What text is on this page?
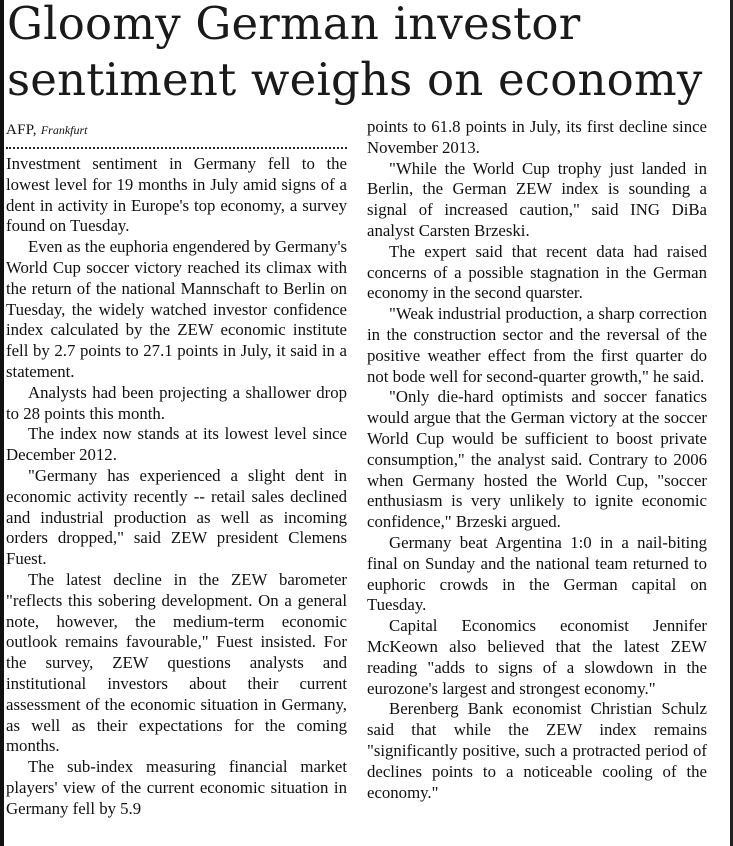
Gloomy German investor
sentiment weighs on economy
AFP, Frankfurt

Investment sentiment in Germany fell to the lowest level for 19 months in July amid signs of a dent in activity in Europe's top economy, a survey found on Tuesday.

Even as the euphoria engendered by Germany's World Cup soccer victory reached its climax with the return of the national Mannschaft to Berlin on Tuesday, the widely watched investor confidence index calculated by the ZEW economic institute fell by 2.7 points to 27.1 points in July, it said in a statement.

Analysts had been projecting a shallower drop to 28 points this month.

The index now stands at its lowest level since December 2012.

"Germany has experienced a slight dent in economic activity recently -- retail sales declined and industrial production as well as incoming orders dropped," said ZEW president Clemens Fuest.

The latest decline in the ZEW barometer "reflects this sobering development. On a general note, however, the medium-term economic outlook remains favourable," Fuest insisted. For the survey, ZEW questions analysts and institutional investors about their current assessment of the economic situation in Germany, as well as their expectations for the coming months.

The sub-index measuring financial market players' view of the current economic situation in Germany fell by 5.9

points to 61.8 points in July, its first decline since November 2013.

"While the World Cup trophy just landed in Berlin, the German ZEW index is sounding a signal of increased caution," said ING DiBa analyst Carsten Brzeski.

The expert said that recent data had raised concerns of a possible stagnation in the German economy in the second quarster.

"Weak industrial production, a sharp correction in the construction sector and the reversal of the positive weather effect from the first quarter do not bode well for second-quarter growth," he said.

"Only die-hard optimists and soccer fanatics would argue that the German victory at the soccer World Cup would be sufficient to boost private consumption," the analyst said. Contrary to 2006 when Germany hosted the World Cup, "soccer enthusiasm is very unlikely to ignite economic confidence," Brzeski argued.

Germany beat Argentina 1:0 in a nail-biting final on Sunday and the national team returned to euphoric crowds in the German capital on Tuesday.

Capital Economics economist Jennifer McKeown also believed that the latest ZEW reading "adds to signs of a slowdown in the eurozone's largest and strongest economy."

Berenberg Bank economist Christian Schulz said that while the ZEW index remains "significantly positive, such a protracted period of declines points to a noticeable cooling of the economy."
